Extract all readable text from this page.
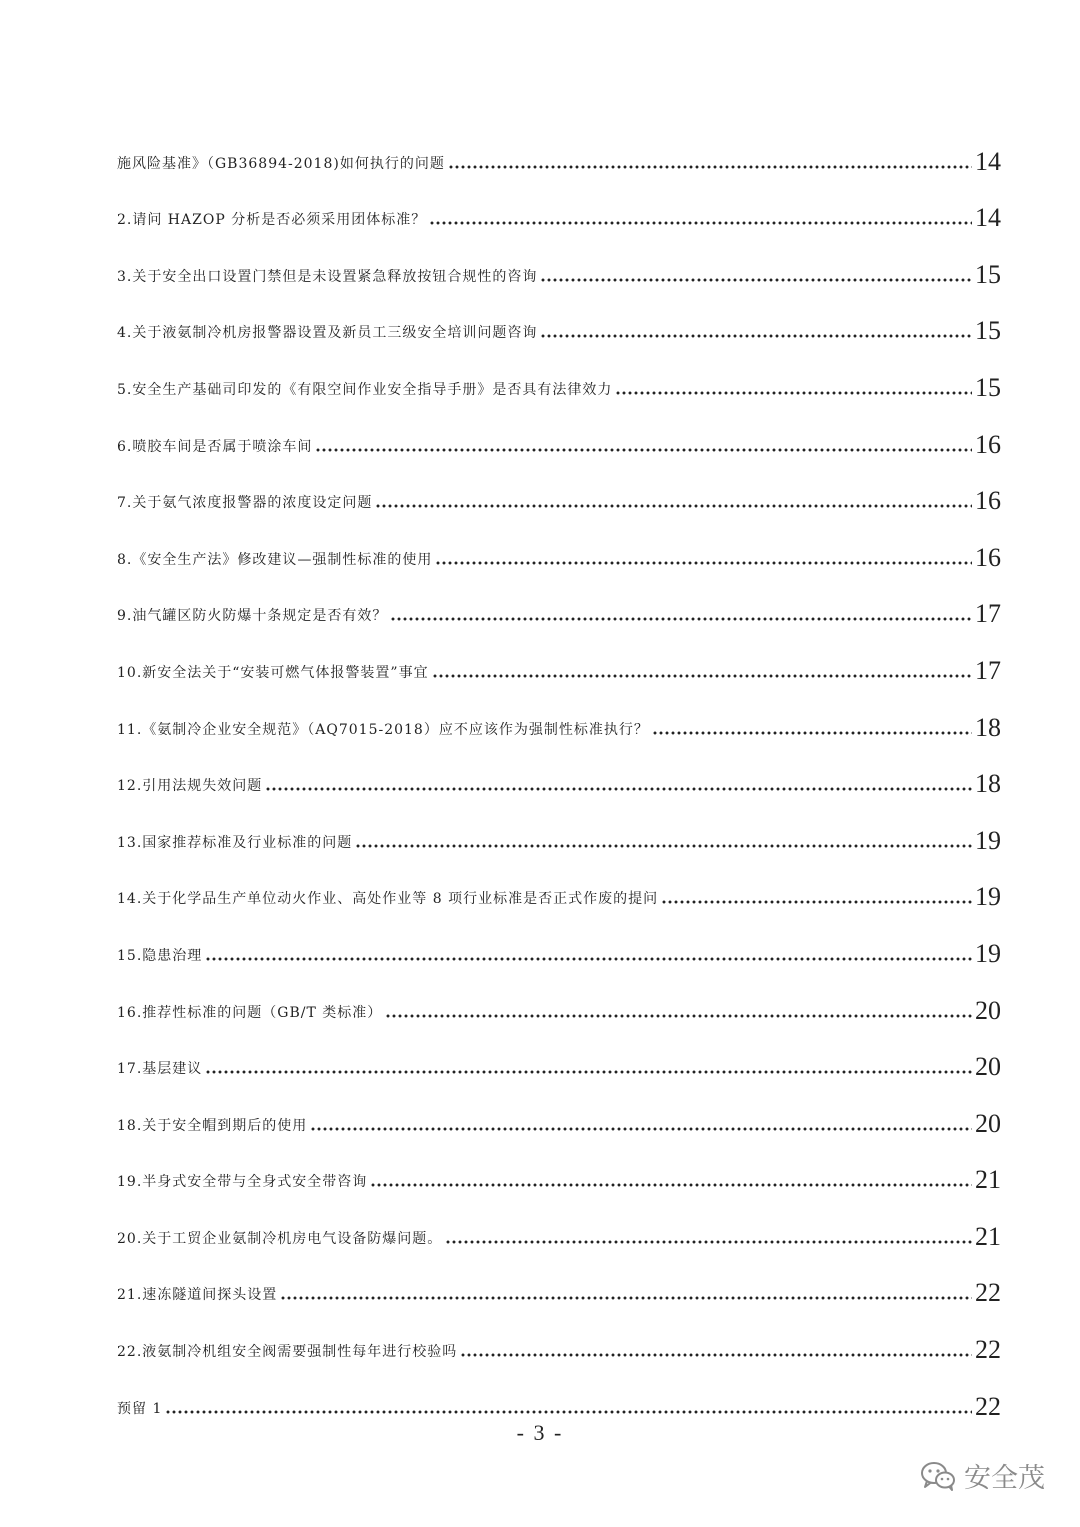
施风险基准》（GB36894-2018)如何执行的问题	14
2.请问 HAZOP 分析是否必须采用团体标准？	14
3.关于安全出口设置门禁但是未设置紧急释放按钮合规性的咨询	15
4.关于液氨制冷机房报警器设置及新员工三级安全培训问题咨询	15
5.安全生产基础司印发的《有限空间作业安全指导手册》是否具有法律效力	15
6.喷胶车间是否属于喷涂车间	16
7.关于氨气浓度报警器的浓度设定问题	16
8.《安全生产法》修改建议—强制性标准的使用	16
9.油气罐区防火防爆十条规定是否有效？	17
10.新安全法关于“安装可燃气体报警装置”事宜	17
11.《氨制冷企业安全规范》（AQ7015-2018）应不应该作为强制性标准执行？	18
12.引用法规失效问题	18
13.国家推荐标准及行业标准的问题	19
14.关于化学品生产单位动火作业、高处作业等 8 项行业标准是否正式作废的提问	19
15.隐患治理	19
16.推荐性标准的问题（GB/T 类标准）	20
17.基层建议	20
18.关于安全帽到期后的使用	20
19.半身式安全带与全身式安全带咨询	21
20.关于工贸企业氨制冷机房电气设备防爆问题。	21
21.速冻隧道间探头设置	22
22.液氨制冷机组安全阀需要强制性每年进行校验吗	22
预留 1	22
- 3 -
安全茂
